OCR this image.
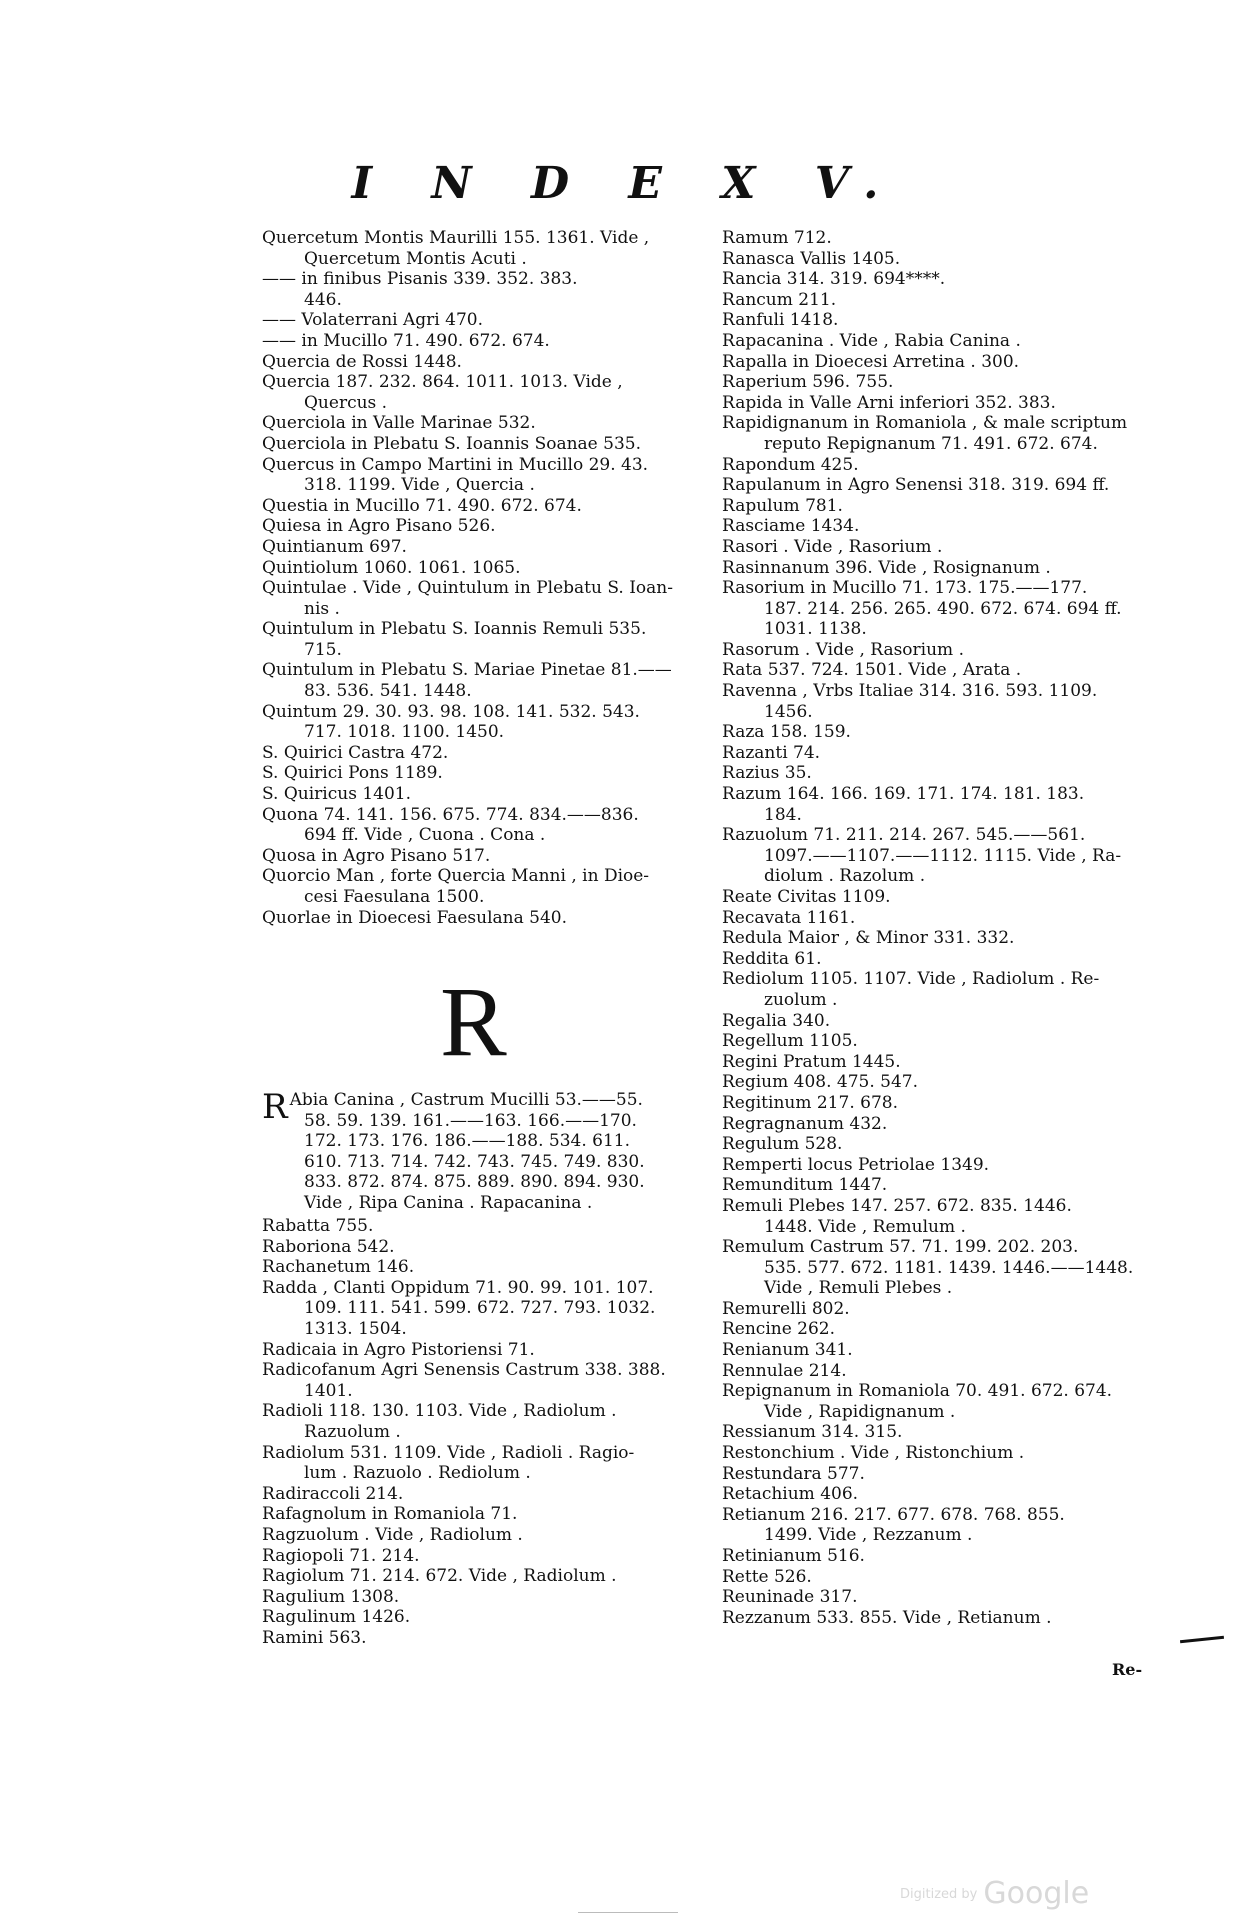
I N D E X V.
Quercetum Montis Maurilli 155. 1361. Vide ,
Quercetum Montis Acuti .
—— in finibus Pisanis 339. 352. 383.
446.
—— Volaterrani Agri 470.
—— in Mucillo 71. 490. 672. 674.
Quercia de Rossi 1448.
Quercia 187. 232. 864. 1011. 1013. Vide ,
Quercus .
Querciola in Valle Marinae 532.
Querciola in Plebatu S. Ioannis Soanae 535.
Quercus in Campo Martini in Mucillo 29. 43.
318. 1199. Vide , Quercia .
Questia in Mucillo 71. 490. 672. 674.
Quiesa in Agro Pisano 526.
Quintianum 697.
Quintiolum 1060. 1061. 1065.
Quintulae . Vide , Quintulum in Plebatu S. Ioan-
nis .
Quintulum in Plebatu S. Ioannis Remuli 535.
715.
Quintulum in Plebatu S. Mariae Pinetae 81.——
83. 536. 541. 1448.
Quintum 29. 30. 93. 98. 108. 141. 532. 543.
717. 1018. 1100. 1450.
S. Quirici Castra 472.
S. Quirici Pons 1189.
S. Quiricus 1401.
Quona 74. 141. 156. 675. 774. 834.——836.
694 ff. Vide , Cuona . Cona .
Quosa in Agro Pisano 517.
Quorcio Man , forte Quercia Manni , in Dioe-
cesi Faesulana 1500.
Quorlae in Dioecesi Faesulana 540.
R
R Abia Canina , Castrum Mucilli 53.——55.
58. 59. 139. 161.——163. 166.——170.
172. 173. 176. 186.——188. 534. 611.
610. 713. 714. 742. 743. 745. 749. 830.
833. 872. 874. 875. 889. 890. 894. 930.
Vide , Ripa Canina . Rapacanina .
Rabatta 755.
Raboriona 542.
Rachanetum 146.
Radda , Clanti Oppidum 71. 90. 99. 101. 107.
109. 111. 541. 599. 672. 727. 793. 1032.
1313. 1504.
Radicaia in Agro Pistoriensi 71.
Radicofanum Agri Senensis Castrum 338. 388.
1401.
Radioli 118. 130. 1103. Vide , Radiolum .
Razuolum .
Radiolum 531. 1109. Vide , Radioli . Ragio-
lum . Razuolo . Rediolum .
Radiraccoli 214.
Rafagnolum in Romaniola 71.
Ragzuolum . Vide , Radiolum .
Ragiopoli 71. 214.
Ragiolum 71. 214. 672. Vide , Radiolum .
Ragulium 1308.
Ragulinum 1426.
Ramini 563.
Ramum 712.
Ranasca Vallis 1405.
Rancia 314. 319. 694****.
Rancum 211.
Ranfuli 1418.
Rapacanina . Vide , Rabia Canina .
Rapalla in Dioecesi Arretina . 300.
Raperium 596. 755.
Rapida in Valle Arni inferiori 352. 383.
Rapidignanum in Romaniola , & male scriptum
reputo Repignanum 71. 491. 672. 674.
Rapondum 425.
Rapulanum in Agro Senensi 318. 319. 694 ff.
Rapulum 781.
Rasciame 1434.
Rasori . Vide , Rasorium .
Rasinnanum 396. Vide , Rosignanum .
Rasorium in Mucillo 71. 173. 175.——177.
187. 214. 256. 265. 490. 672. 674. 694 ff.
1031. 1138.
Rasorum . Vide , Rasorium .
Rata 537. 724. 1501. Vide , Arata .
Ravenna , Vrbs Italiae 314. 316. 593. 1109.
1456.
Raza 158. 159.
Razanti 74.
Razius 35.
Razum 164. 166. 169. 171. 174. 181. 183.
184.
Razuolum 71. 211. 214. 267. 545.——561.
1097.——1107.——1112. 1115. Vide , Ra-
diolum . Razolum .
Reate Civitas 1109.
Recavata 1161.
Redula Maior , & Minor 331. 332.
Reddita 61.
Rediolum 1105. 1107. Vide , Radiolum . Re-
zuolum .
Regalia 340.
Regellum 1105.
Regini Pratum 1445.
Regium 408. 475. 547.
Regitinum 217. 678.
Regragnanum 432.
Regulum 528.
Remperti locus Petriolae 1349.
Remunditum 1447.
Remuli Plebes 147. 257. 672. 835. 1446.
1448. Vide , Remulum .
Remulum Castrum 57. 71. 199. 202. 203.
535. 577. 672. 1181. 1439. 1446.——1448.
Vide , Remuli Plebes .
Remurelli 802.
Rencine 262.
Renianum 341.
Rennulae 214.
Repignanum in Romaniola 70. 491. 672. 674.
Vide , Rapidignanum .
Ressianum 314. 315.
Restonchium . Vide , Ristonchium .
Restundara 577.
Retachium 406.
Retianum 216. 217. 677. 678. 768. 855.
1499. Vide , Rezzanum .
Retinianum 516.
Rette 526.
Reuninade 317.
Rezzanum 533. 855. Vide , Retianum .
Re-
Digitized by Google
